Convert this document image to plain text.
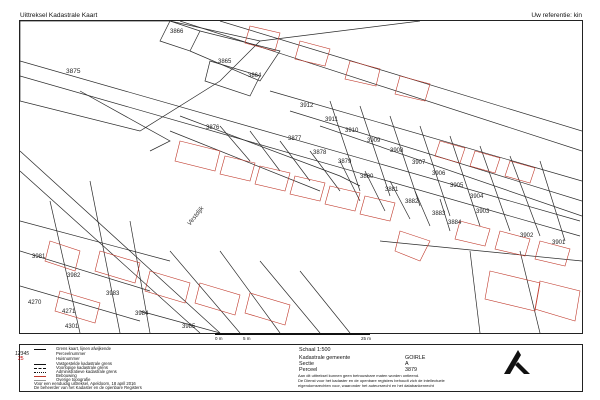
Uittreksel Kadastrale Kaart	Uw referentie: kin
3866
3865
3864
3875
3912
3911
3910
3909
3908
3907
3876
3877
3878
3879
3880
3881
3906
3905
3904
3882
3883
3884
3903
3902
3901
3981
3982
3983
3984
3985
4270
4271
4301
Vestdijk
0 m	5 m	25 m
Grens kaart, lijnen afwijkende
Perceelnummer
Huisnummer
Vastgestelde kadastrale grens
Voorlopige kadastrale grens
Administratieve kadastrale grens
Bebouwing
Overige topografie
Voor een eenduidig uittreksel, Apeldoorn, 18 april 2016
De beheerder van het Kadaster en de openbare Registers
Schaal 1:500
Kadastrale gemeente	GOIRLE
Sectie	A
Perceel	3879
12345
25
Aan dit uittreksel kunnen geen betrouwbare maten worden ontleend.
De Dienst voor het kadaster en de openbare registers behoudt zich de intellectuele
eigendomsrechten voor, waaronder het auteursrecht en het databankenrecht
